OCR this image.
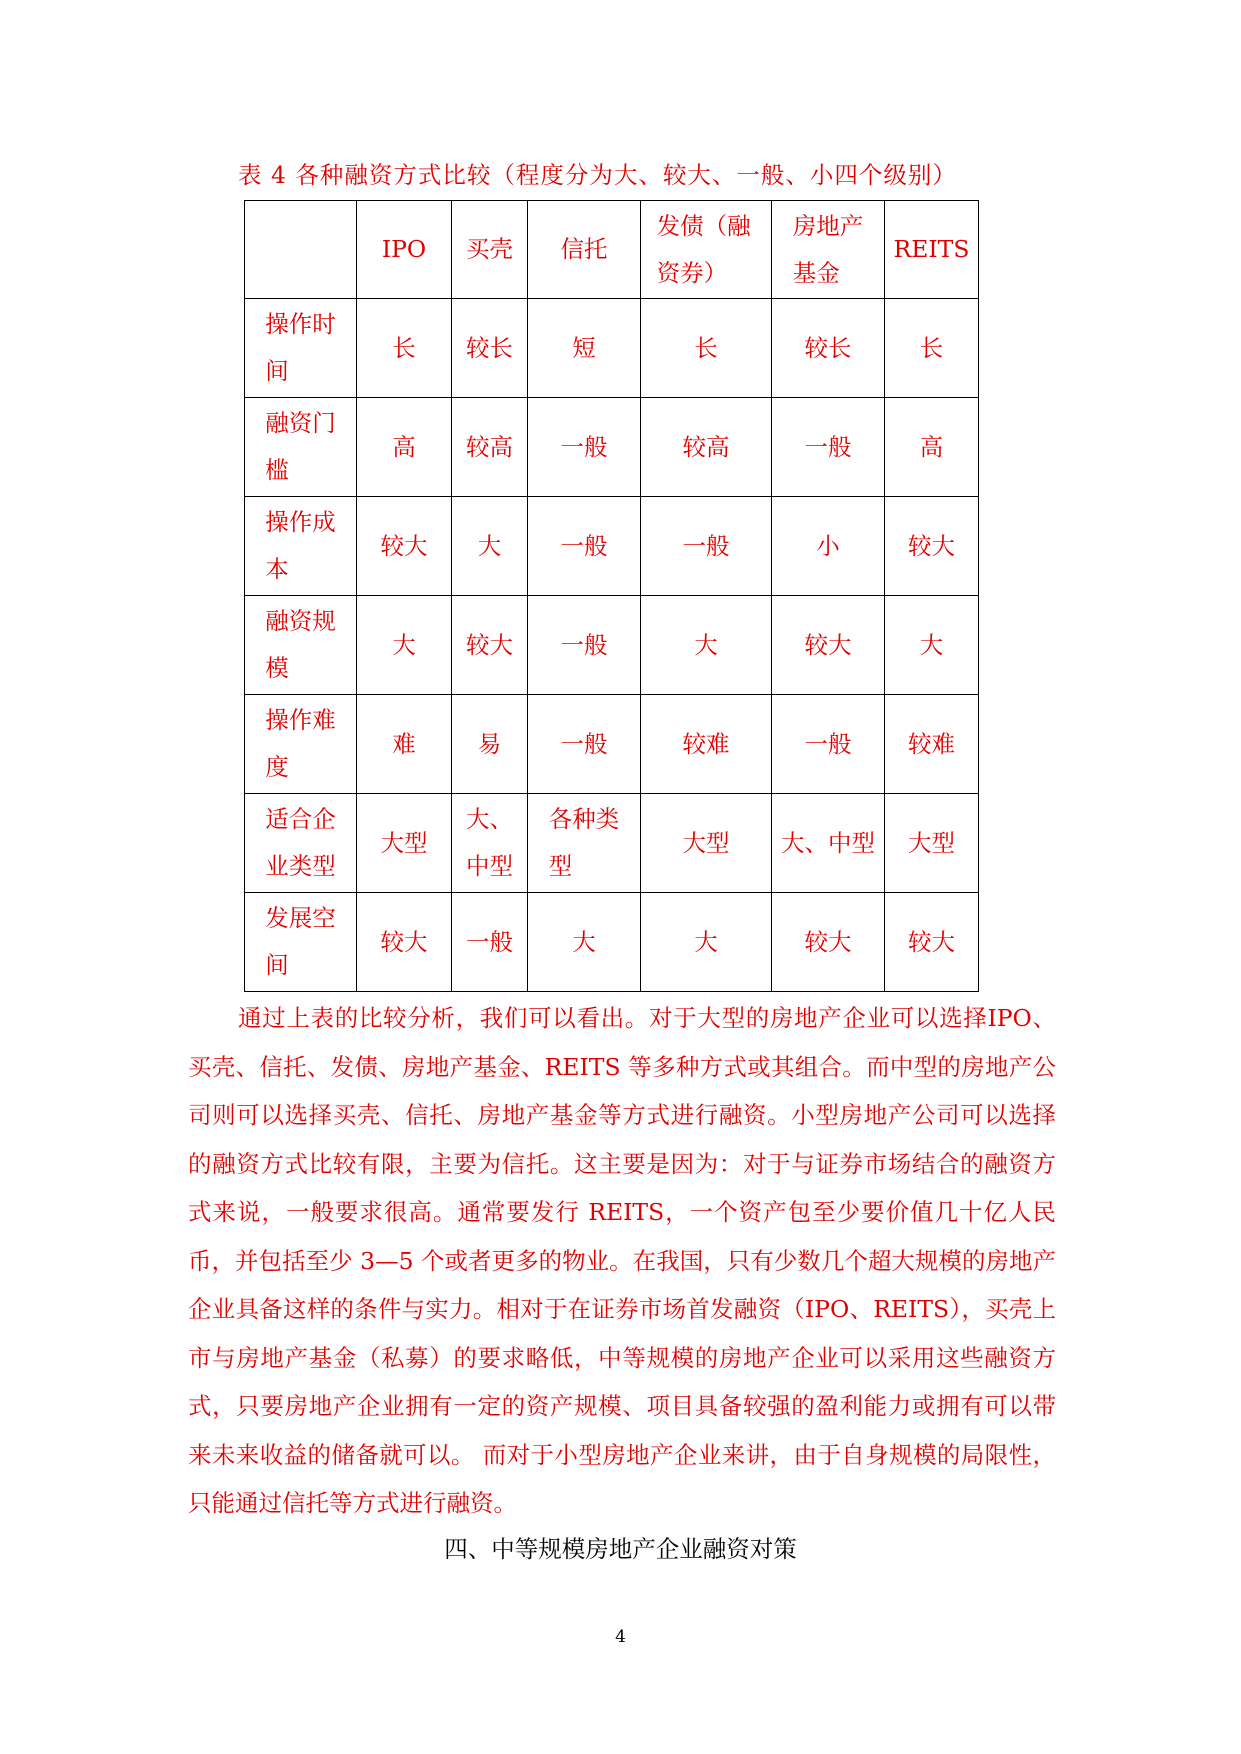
表 4 各种融资方式比较（程度分为大、较大、一般、小四个级别）
	IPO	买壳	信托	发债（融资券）	房地产基金	REITS

操作时间	长	较长	短	长	较长	长

融资门槛	高	较高	一般	较高	一般	高

操作成本	较大	大	一般	一般	小	较大

融资规模	大	较大	一般	大	较大	大

操作难度	难	易	一般	较难	一般	较难

适合企业类型	大型	大、中型	各种类型	大型	大、中型	大型

发展空间	较大	一般	大	大	较大	较大
通过上表的比较分析，我们可以看出。对于大型的房地产企业可以选择IPO、买壳、信托、发债、房地产基金、REITS 等多种方式或其组合。而中型的房地产公司则可以选择买壳、信托、房地产基金等方式进行融资。小型房地产公司可以选择的融资方式比较有限，主要为信托。这主要是因为：对于与证券市场结合的融资方式来说，一般要求很高。通常要发行 REITS，一个资产包至少要价值几十亿人民币，并包括至少 3—5 个或者更多的物业。在我国，只有少数几个超大规模的房地产企业具备这样的条件与实力。相对于在证券市场首发融资（IPO、REITS），买壳上市与房地产基金（私募）的要求略低，中等规模的房地产企业可以采用这些融资方式，只要房地产企业拥有一定的资产规模、项目具备较强的盈利能力或拥有可以带来未来收益的储备就可以。 而对于小型房地产企业来讲，由于自身规模的局限性，只能通过信托等方式进行融资。
四、中等规模房地产企业融资对策
4
